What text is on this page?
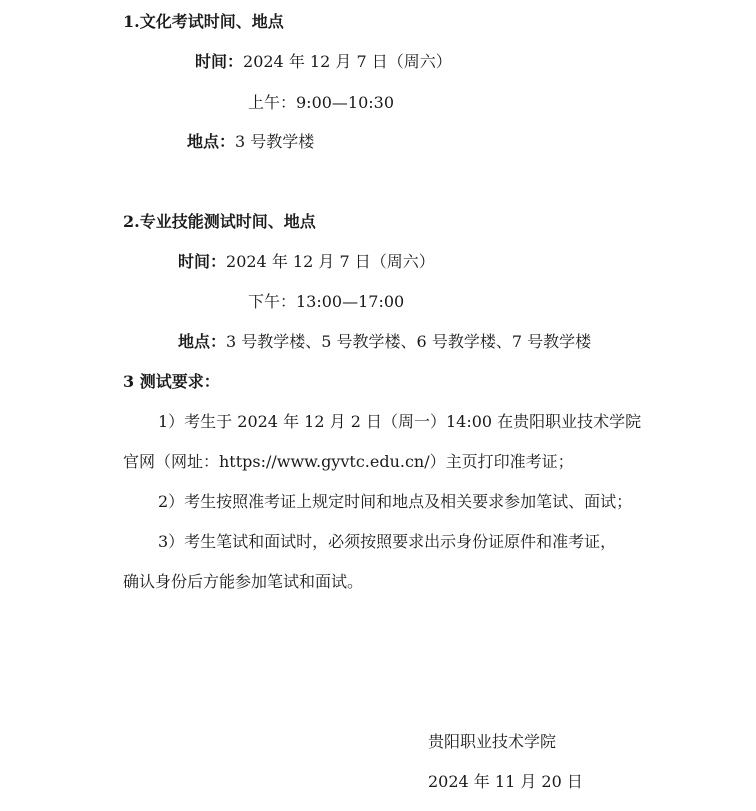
1.文化考试时间、地点
时间：2024 年 12 月 7 日（周六）
上午：9:00—10:30
地点：3 号教学楼
2.专业技能测试时间、地点
时间：2024 年 12 月 7 日（周六）
下午：13:00—17:00
地点：3 号教学楼、5 号教学楼、6 号教学楼、7 号教学楼
3 测试要求：
1）考生于 2024 年 12 月 2 日（周一）14:00 在贵阳职业技术学院
官网（网址：https://www.gyvtc.edu.cn/）主页打印准考证；
2）考生按照准考证上规定时间和地点及相关要求参加笔试、面试；
3）考生笔试和面试时，必须按照要求出示身份证原件和准考证，
确认身份后方能参加笔试和面试。
贵阳职业技术学院
2024 年 11 月 20 日
